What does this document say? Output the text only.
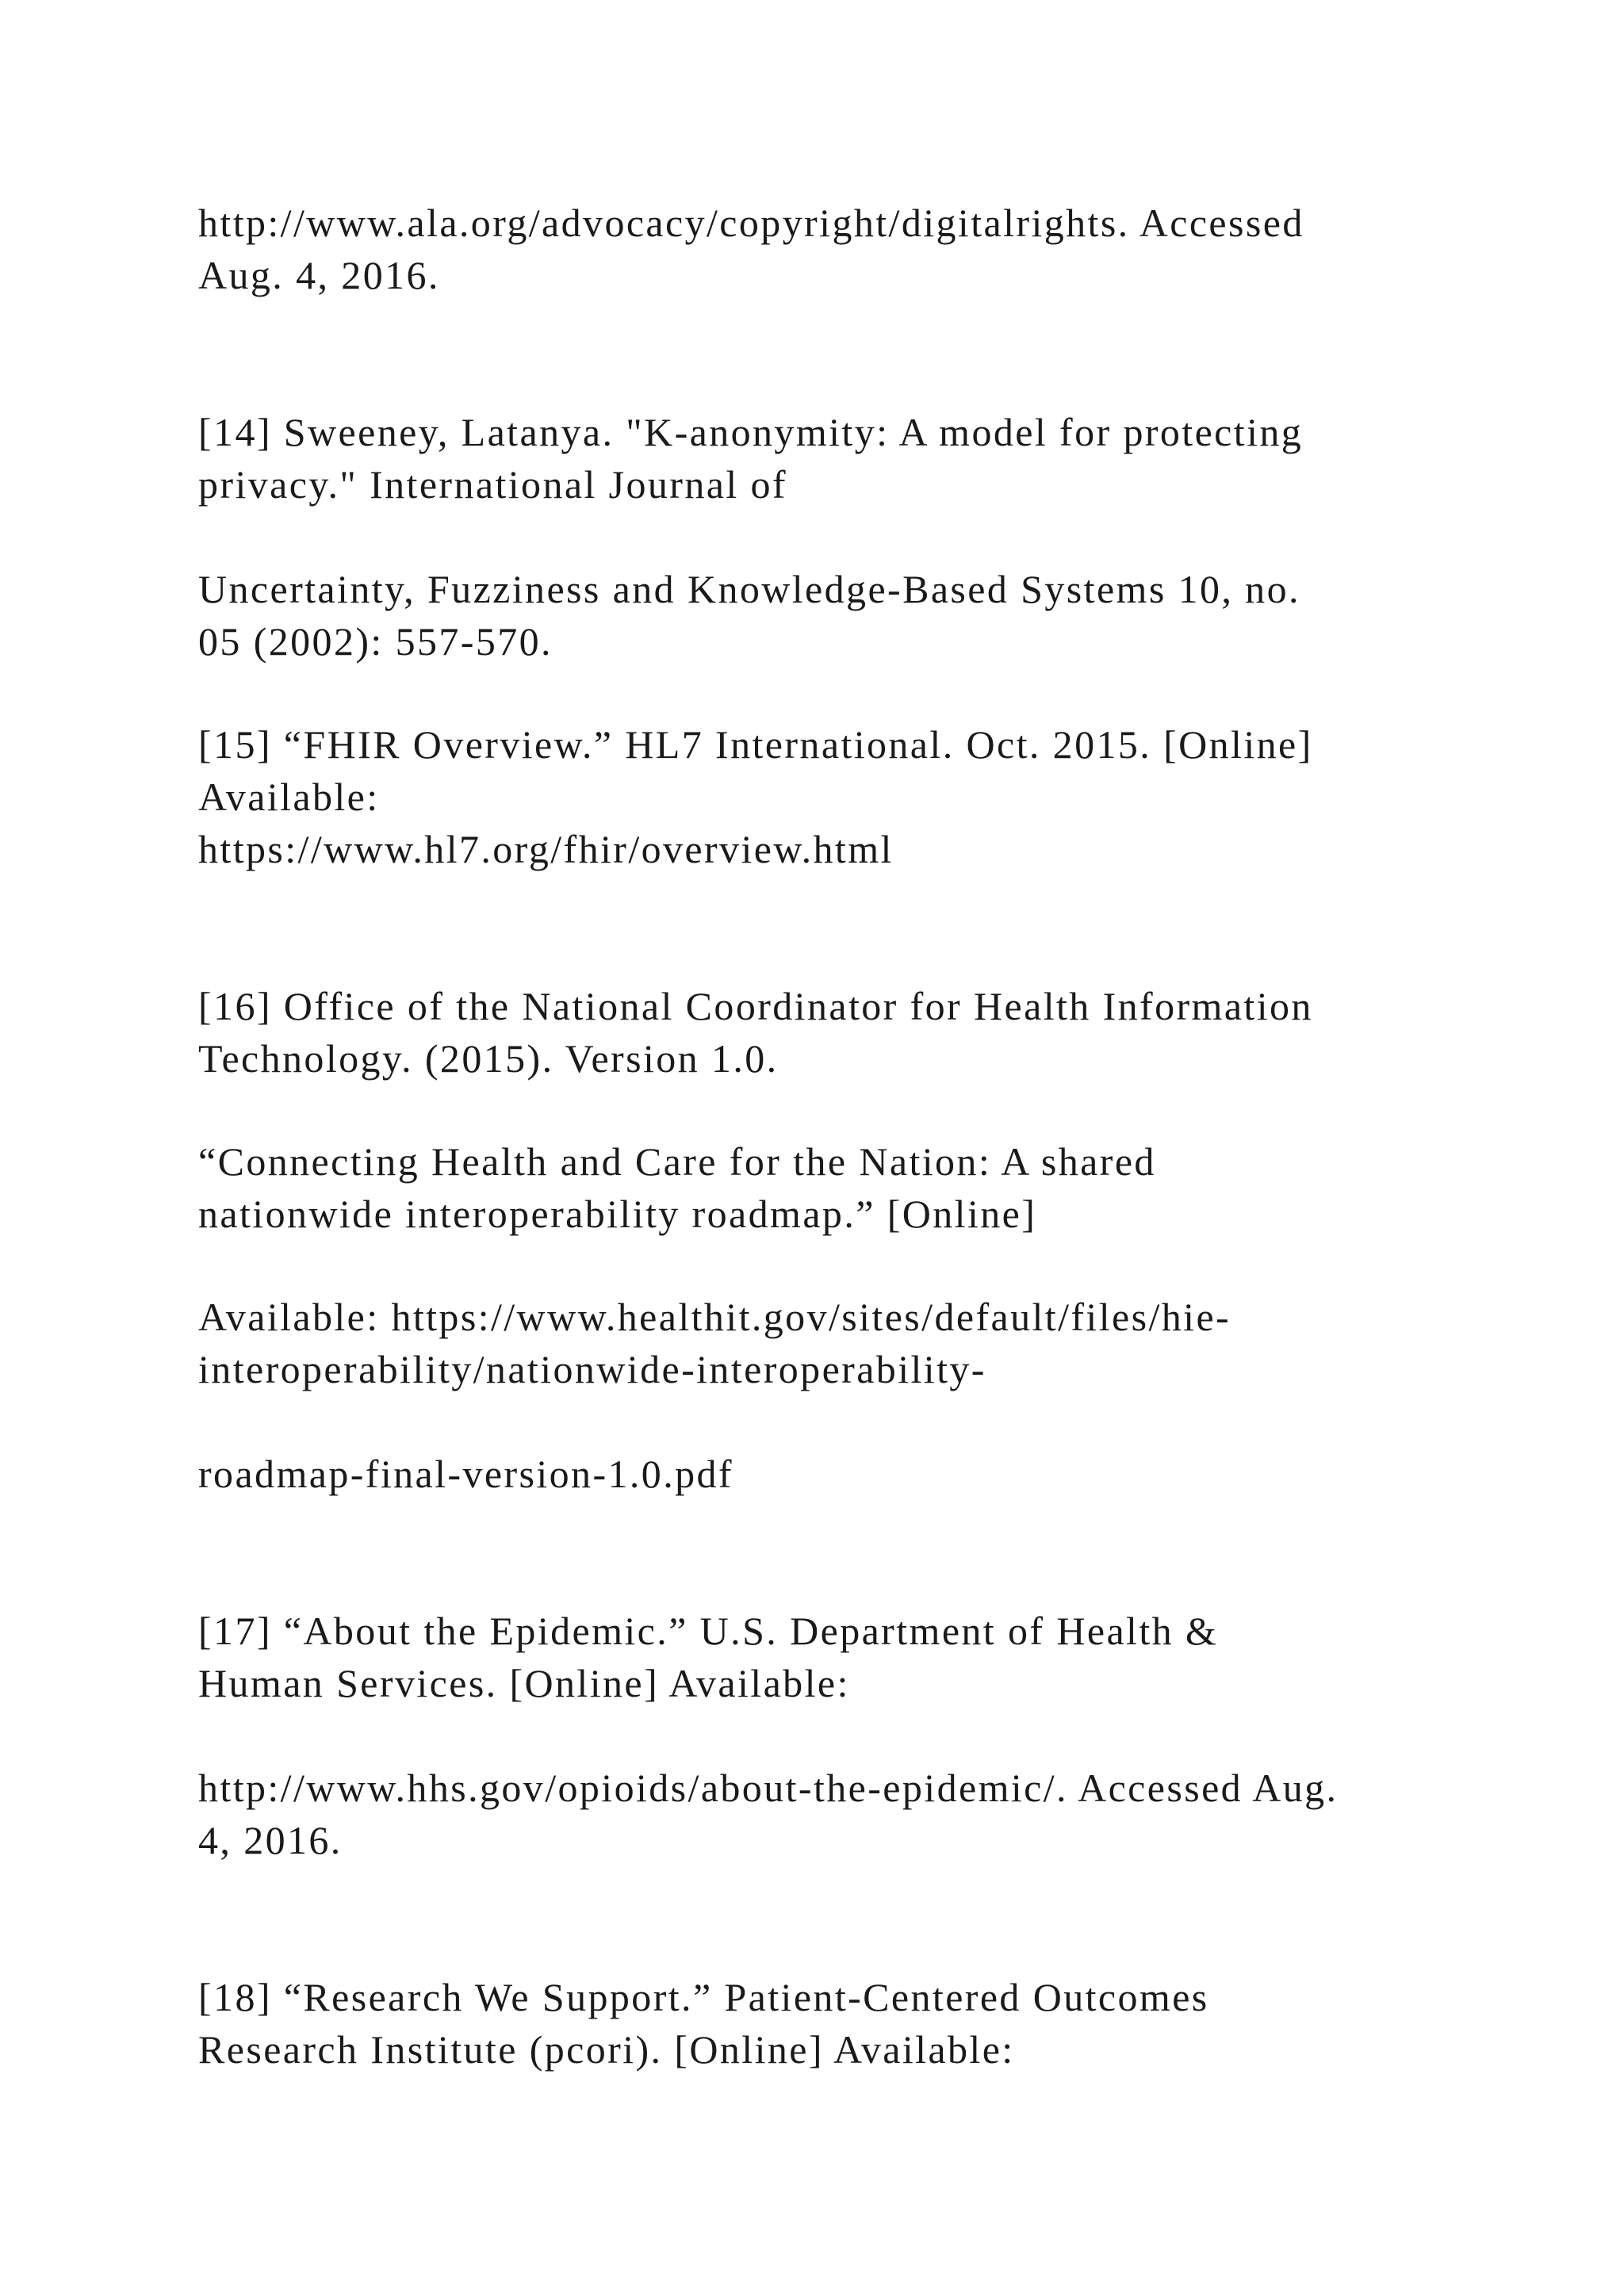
http://www.ala.org/advocacy/copyright/digitalrights. Accessed

Aug. 4, 2016.

[14] Sweeney, Latanya. "K-anonymity: A model for protecting

privacy." International Journal of

Uncertainty, Fuzziness and Knowledge-Based Systems 10, no.

05 (2002): 557-570.

[15] “FHIR Overview.” HL7 International. Oct. 2015. [Online]

Available:

https://www.hl7.org/fhir/overview.html

[16] Office of the National Coordinator for Health Information

Technology. (2015). Version 1.0.

“Connecting Health and Care for the Nation: A shared

nationwide interoperability roadmap.” [Online]

Available: https://www.healthit.gov/sites/default/files/hie-

interoperability/nationwide-interoperability-

roadmap-final-version-1.0.pdf

[17] “About the Epidemic.” U.S. Department of Health &

Human Services. [Online] Available:

http://www.hhs.gov/opioids/about-the-epidemic/. Accessed Aug.

4, 2016.

[18] “Research We Support.” Patient-Centered Outcomes

Research Institute (pcori). [Online] Available:
